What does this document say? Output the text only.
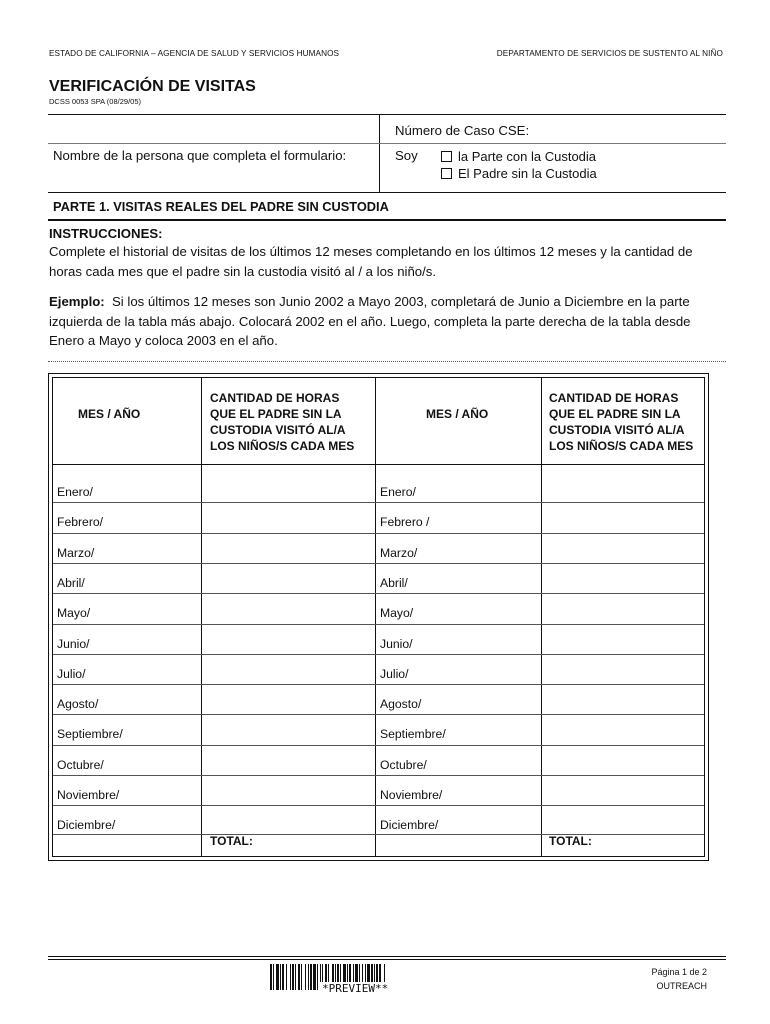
ESTADO DE CALIFORNIA – AGENCIA DE SALUD Y SERVICIOS HUMANOS	DEPARTAMENTO DE SERVICIOS DE SUSTENTO AL NIÑO
VERIFICACIÓN DE VISITAS
DCSS 0053 SPA (08/29/05)
Número de Caso CSE:
Nombre de la persona que completa el formulario:	Soy	la Parte con la Custodia
El Padre sin la Custodia
PARTE 1. VISITAS REALES DEL PADRE SIN CUSTODIA
INSTRUCCIONES:
Complete el historial de visitas de los últimos 12 meses completando en los últimos 12 meses y la cantidad de horas cada mes que el padre sin la custodia visitó al / a los niño/s.
Ejemplo: Si los últimos 12 meses son Junio 2002 a Mayo 2003, completará de Junio a Diciembre en la parte izquierda de la tabla más abajo. Colocará 2002 en el año. Luego, completa la parte derecha de la tabla desde Enero a Mayo y coloca 2003 en el año.
MES / AÑO
CANTIDAD DE HORAS
QUE EL PADRE SIN LA
CUSTODIA VISITÓ AL/A
LOS NIÑOS/S CADA MES
MES / AÑO
CANTIDAD DE HORAS
QUE EL PADRE SIN LA
CUSTODIA VISITÓ AL/A
LOS NIÑOS/S CADA MES
Enero/	Enero/
Febrero/	Febrero /
Marzo/	Marzo/
Abril/	Abril/
Mayo/	Mayo/
Junio/	Junio/
Julio/	Julio/
Agosto/	Agosto/
Septiembre/	Septiembre/
Octubre/	Octubre/
Noviembre/	Noviembre/
Diciembre/	Diciembre/
TOTAL:	TOTAL:
*PREVIEW**
Página 1 de 2
OUTREACH
